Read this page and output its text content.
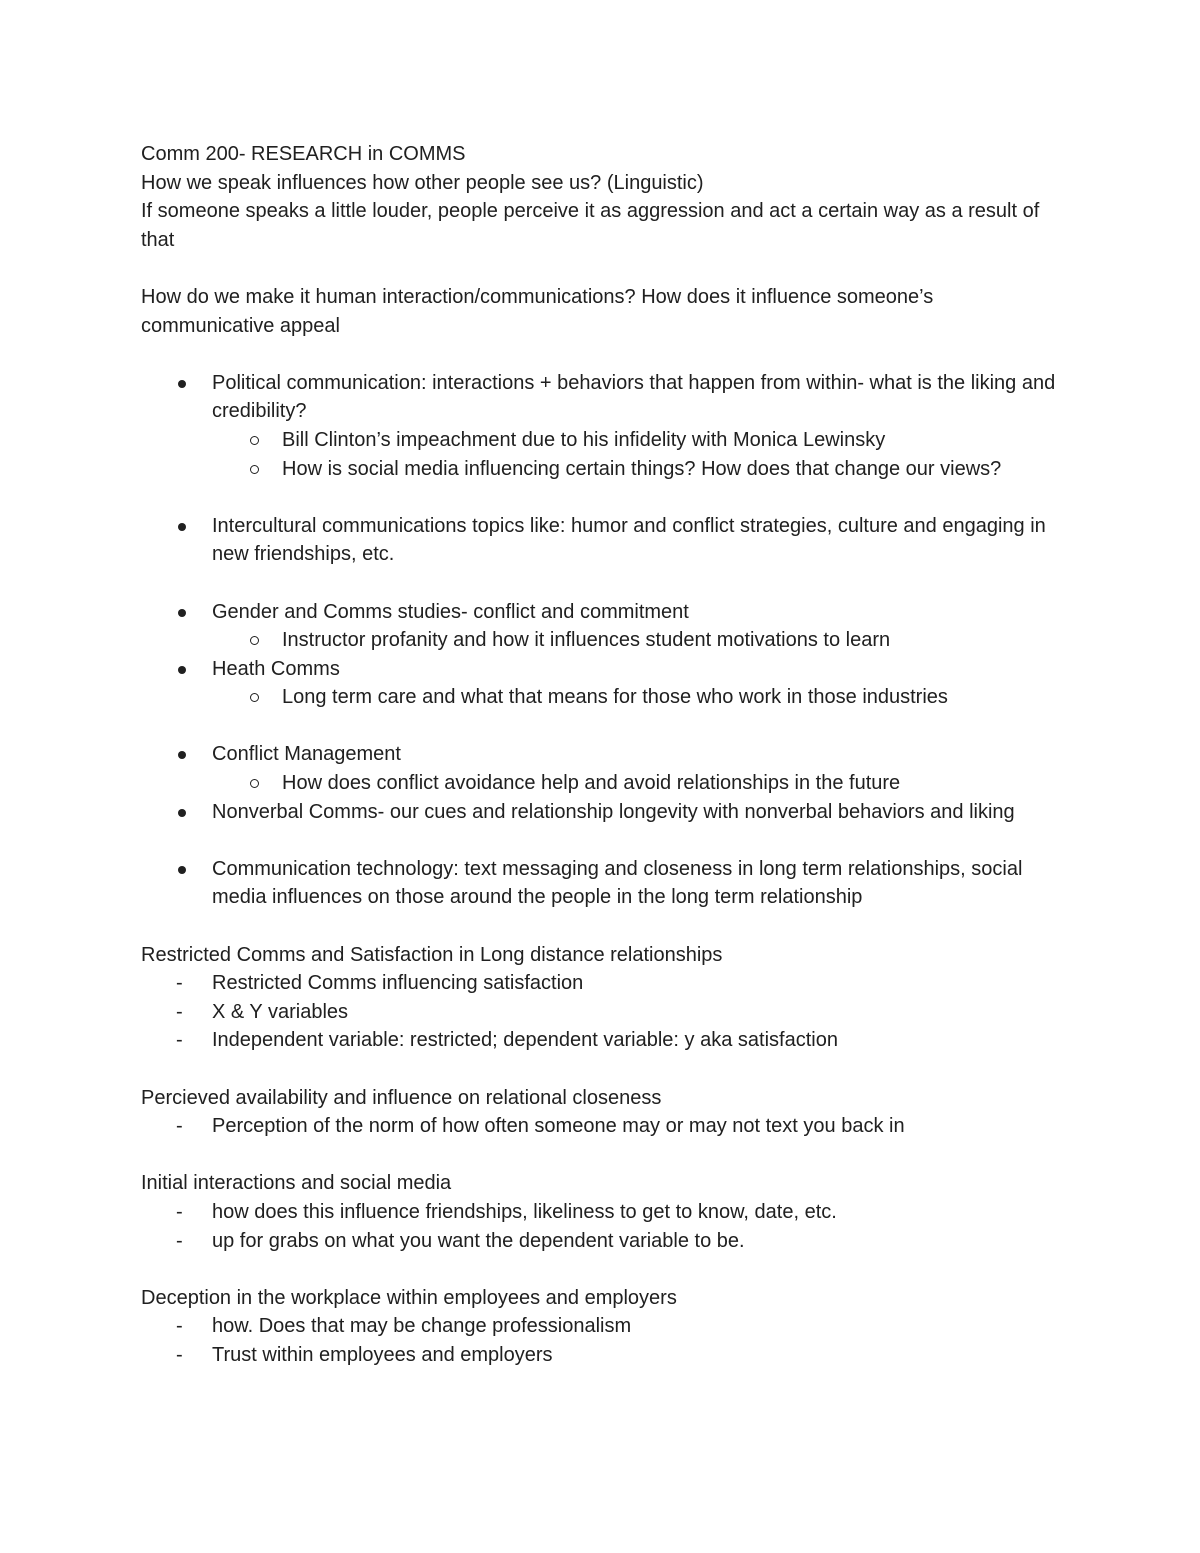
Comm 200- RESEARCH in COMMS

How we speak influences how other people see us? (Linguistic)

If someone speaks a little louder, people perceive it as aggression and act a certain way as a result of that

How do we make it human interaction/communications? How does it influence someone’s communicative appeal

Political communication: interactions + behaviors that happen from within- what is the liking and credibility?
Bill Clinton’s impeachment due to his infidelity with Monica Lewinsky
How is social media influencing certain things? How does that change our views?
Intercultural communications topics like: humor and conflict strategies, culture and engaging in new friendships, etc.
Gender and Comms studies- conflict and commitment
Instructor profanity and how it influences student motivations to learn
Heath Comms
Long term care and what that means for those who work in those industries
Conflict Management
How does conflict avoidance help and avoid relationships in the future
Nonverbal Comms- our cues and relationship longevity with nonverbal behaviors and liking
Communication technology: text messaging and closeness in long term relationships, social media influences on those around the people in the long term relationship

Restricted Comms and Satisfaction in Long distance relationships

- Restricted Comms influencing satisfaction
- X & Y variables
- Independent variable: restricted; dependent variable: y aka satisfaction

Percieved availability and influence on relational closeness

- Perception of the norm of how often someone may or may not text you back in

Initial interactions and social media

- how does this influence friendships, likeliness to get to know, date, etc.
- up for grabs on what you want the dependent variable to be.

Deception in the workplace within employees and employers

- how. Does that may be change professionalism
- Trust within employees and employers
